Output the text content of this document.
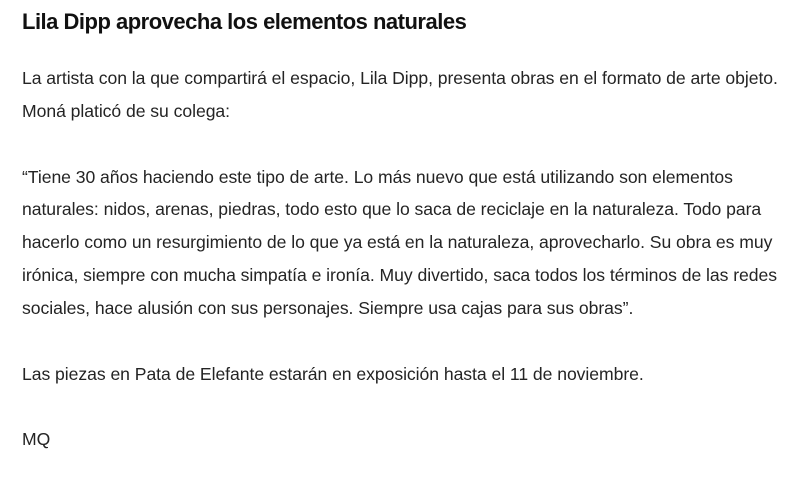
Lila Dipp aprovecha los elementos naturales

La artista con la que compartirá el espacio, Lila Dipp, presenta obras en el formato de arte objeto. Moná platicó de su colega:

“Tiene 30 años haciendo este tipo de arte. Lo más nuevo que está utilizando son elementos naturales: nidos, arenas, piedras, todo esto que lo saca de reciclaje en la naturaleza. Todo para hacerlo como un resurgimiento de lo que ya está en la naturaleza, aprovecharlo. Su obra es muy irónica, siempre con mucha simpatía e ironía. Muy divertido, saca todos los términos de las redes sociales, hace alusión con sus personajes. Siempre usa cajas para sus obras”.

Las piezas en Pata de Elefante estarán en exposición hasta el 11 de noviembre.

MQ
